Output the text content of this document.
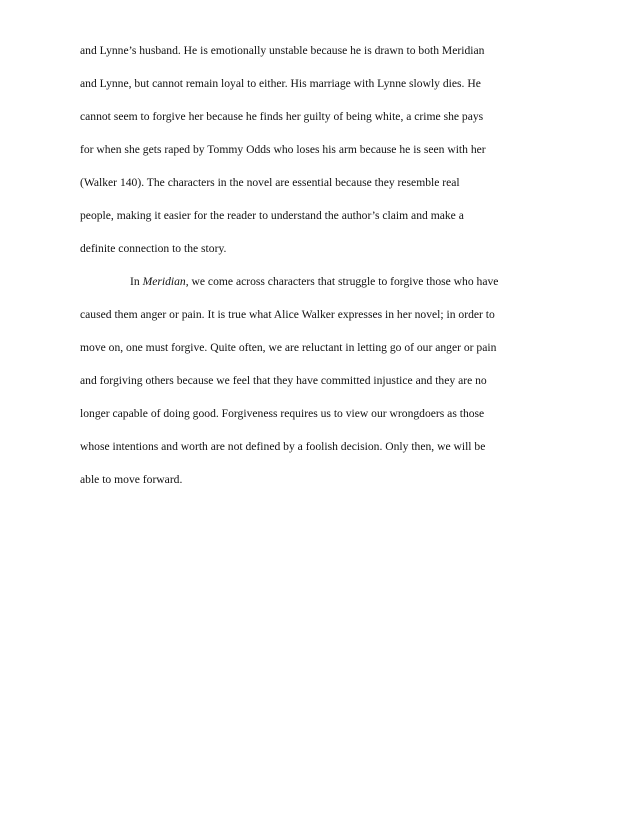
and Lynne’s husband. He is emotionally unstable because he is drawn to both Meridian
and Lynne, but cannot remain loyal to either. His marriage with Lynne slowly dies. He
cannot seem to forgive her because he finds her guilty of being white, a crime she pays
for when she gets raped by Tommy Odds who loses his arm because he is seen with her
(Walker 140). The characters in the novel are essential because they resemble real
people, making it easier for the reader to understand the author’s claim and make a
definite connection to the story.
In Meridian, we come across characters that struggle to forgive those who have
caused them anger or pain. It is true what Alice Walker expresses in her novel; in order to
move on, one must forgive. Quite often, we are reluctant in letting go of our anger or pain
and forgiving others because we feel that they have committed injustice and they are no
longer capable of doing good. Forgiveness requires us to view our wrongdoers as those
whose intentions and worth are not defined by a foolish decision. Only then, we will be
able to move forward.
